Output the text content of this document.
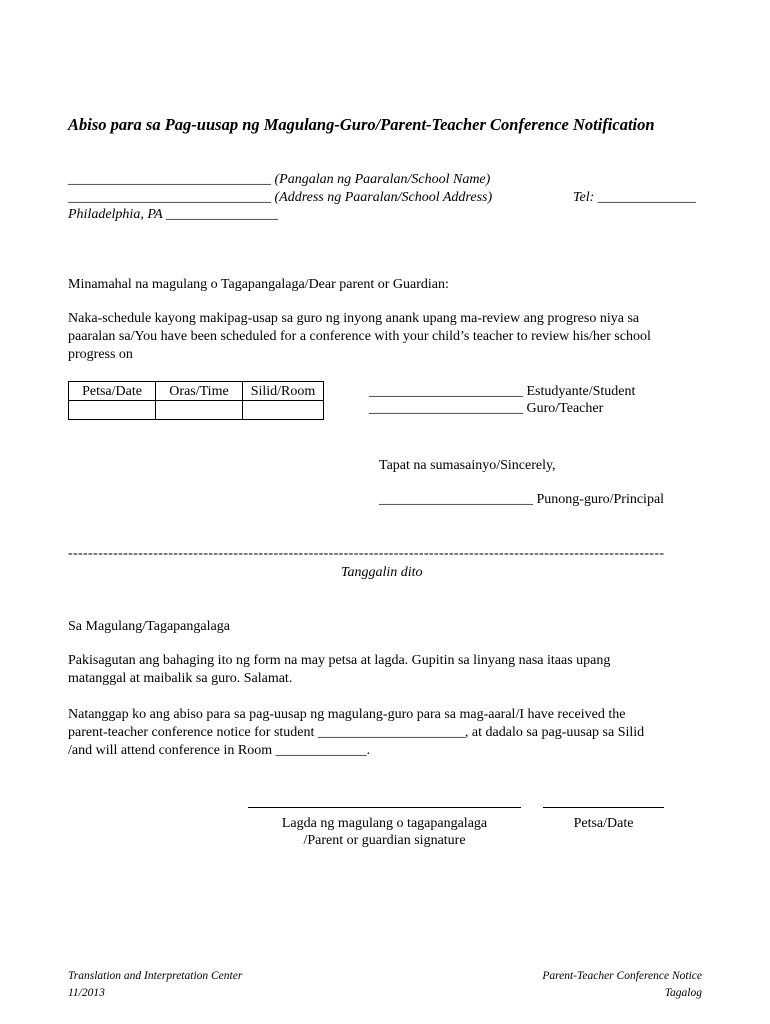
Abiso para sa Pag-uusap ng Magulang-Guro/Parent-Teacher Conference Notification
_____________________________ (Pangalan ng Paaralan/School Name)
_____________________________ (Address ng Paaralan/School Address)	Tel: ______________
Philadelphia, PA ________________
Minamahal na magulang o Tagapangalaga/Dear parent or Guardian:
Naka-schedule kayong makipag-usap sa guro ng inyong anank upang ma-review ang progreso niya sa
paaralan sa/You have been scheduled for a conference with your child’s teacher to review his/her school
progress on
Petsa/Date	Oras/Time	Silid/Room
			______________________ Estudyante/Student
______________________ Guro/Teacher
Tapat na sumasainyo/Sincerely,
______________________ Punong-guro/Principal
-----------------------------------------------------------------------------------------------------------------------
Tanggalin dito
Sa Magulang/Tagapangalaga
Pakisagutan ang bahaging ito ng form na may petsa at lagda. Gupitin sa linyang nasa itaas upang
matanggal at maibalik sa guro. Salamat.
Natanggap ko ang abiso para sa pag-uusap ng magulang-guro para sa mag-aaral/I have received the
parent-teacher conference notice for student _____________________, at dadalo sa pag-uusap sa Silid
/and will attend conference in Room _____________.
Lagda ng magulang o tagapangalaga
/Parent or guardian signature
Petsa/Date
Translation and Interpretation Center
11/2013
Parent-Teacher Conference Notice
Tagalog
